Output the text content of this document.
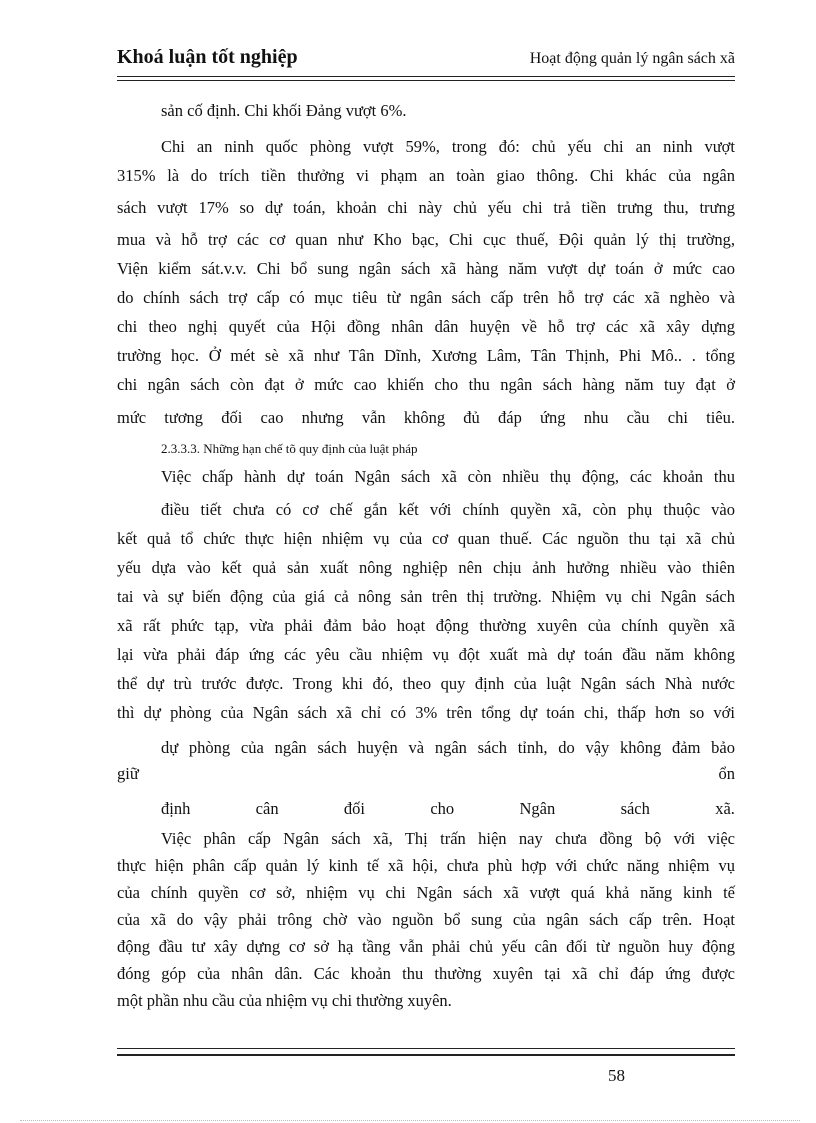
Khoá luận tốt nghiệp	Hoạt động quản lý ngân sách xã
sản cố định. Chi khối Đảng vượt 6%.
Chi an ninh quốc phòng vượt 59%, trong đó: chủ yếu chi an ninh vượt
315% là do trích tiền thưởng vi phạm an toàn giao thông. Chi khác của ngân
sách vượt 17% so dự toán, khoản chi này chủ yếu chi trả tiền trưng thu, trưng
mua và hỗ trợ các cơ quan như Kho bạc, Chi cục thuế, Đội quản lý thị trường,
Viện kiểm sát.v.v. Chi bổ sung ngân sách xã hàng năm vượt dự toán ở mức cao
do chính sách trợ cấp có mục tiêu từ ngân sách cấp trên hỗ trợ các xã nghèo và
chi theo nghị quyết của Hội đồng nhân dân huyện về hỗ trợ các xã xây dựng
trường học. Ở mét sè xã như Tân Dĩnh, Xương Lâm, Tân Thịnh, Phi Mô.. . tổng
chi ngân sách còn đạt ở mức cao khiến cho thu ngân sách hàng năm tuy đạt ở
mức tương đối cao nhưng vẫn không đủ đáp ứng nhu cầu chi tiêu.
2.3.3.3. Những hạn chế tõ quy định của luật pháp
Việc chấp hành dự toán Ngân sách xã còn nhiều thụ động, các khoản thu
điều tiết chưa có cơ chế gắn kết với chính quyền xã, còn phụ thuộc vào
kết quả tổ chức thực hiện nhiệm vụ của cơ quan thuế. Các nguồn thu tại xã chủ
yếu dựa vào kết quả sản xuất nông nghiệp nên chịu ảnh hưởng nhiều vào thiên
tai và sự biến động của giá cả nông sản trên thị trường. Nhiệm vụ chi Ngân sách
xã rất phức tạp, vừa phải đảm bảo hoạt động thường xuyên của chính quyền xã
lại vừa phải đáp ứng các yêu cầu nhiệm vụ đột xuất mà dự toán đầu năm không
thể dự trù trước được. Trong khi đó, theo quy định của luật Ngân sách Nhà nước
thì dự phòng của Ngân sách xã chỉ có 3% trên tổng dự toán chi, thấp hơn so với
dự phòng của ngân sách huyện và ngân sách tỉnh, do vậy không đảm bảo
giữ	ổn
định	cân	đối	cho	Ngân	sách	xã.
Việc phân cấp Ngân sách xã, Thị trấn hiện nay chưa đồng bộ với việc
thực hiện phân cấp quản lý kinh tế xã hội, chưa phù hợp với chức năng nhiệm vụ
của chính quyền cơ sở, nhiệm vụ chi Ngân sách xã vượt quá khả năng kinh tế
của xã do vậy phải trông chờ vào nguồn bổ sung của ngân sách cấp trên. Hoạt
động đầu tư xây dựng cơ sở hạ tầng vẫn phải chủ yếu cân đối từ nguồn huy động
đóng góp của nhân dân. Các khoản thu thường xuyên tại xã chỉ đáp ứng được
một phần nhu cầu của nhiệm vụ chi thường xuyên.
58
